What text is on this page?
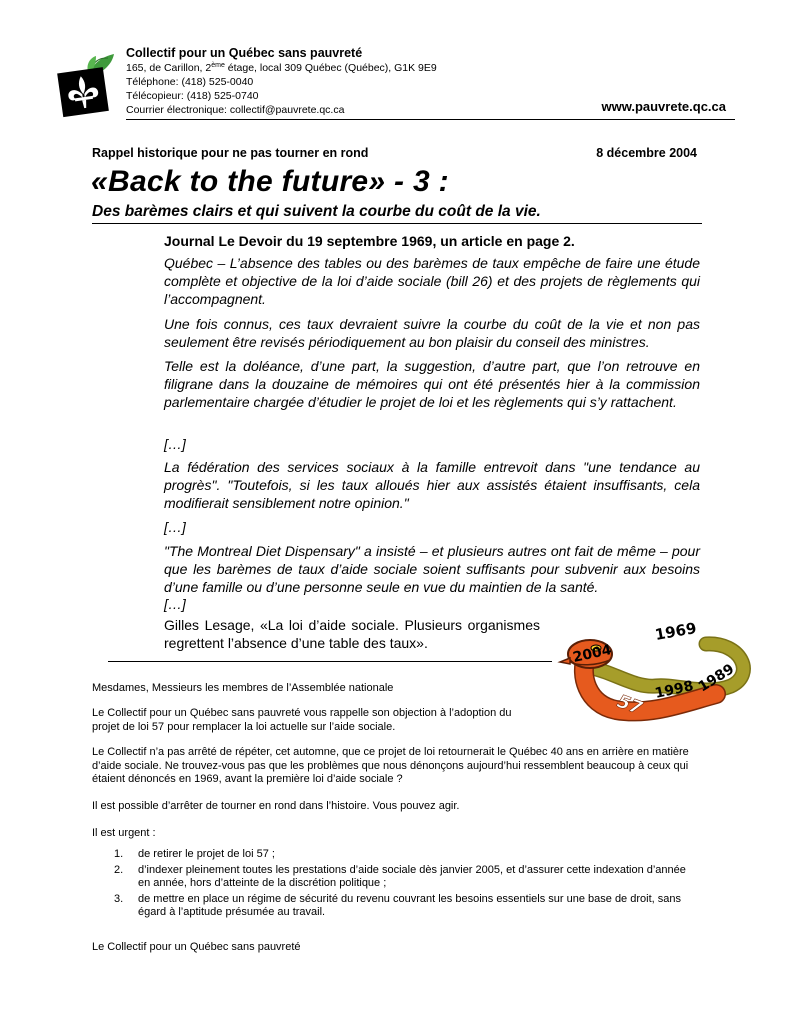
Collectif pour un Québec sans pauvreté
165, de Carillon, 2ème étage, local 309 Québec (Québec), G1K 9E9
Téléphone: (418) 525-0040
Télécopieur: (418) 525-0740
Courrier électronique: collectif@pauvrete.qc.ca	www.pauvrete.qc.ca
Rappel historique pour ne pas tourner en rond	8 décembre 2004
«Back to the future» - 3 :
Des barèmes clairs et qui suivent la courbe du coût de la vie.
Journal Le Devoir du 19 septembre 1969, un article en page 2.

Québec – L’absence des tables ou des barèmes de taux empêche de faire une étude complète et objective de la loi d’aide sociale (bill 26) et des projets de règlements qui l’accompagnent.

Une fois connus, ces taux devraient suivre la courbe du coût de la vie et non pas seulement être revisés périodiquement au bon plaisir du conseil des ministres.

Telle est la doléance, d’une part, la suggestion, d’autre part, que l’on retrouve en filigrane dans la douzaine de mémoires qui ont été présentés hier à la commission parlementaire chargée d’étudier le projet de loi et les règlements qui s’y rattachent.

[…]

La fédération des services sociaux à la famille entrevoit dans "une tendance au progrès". "Toutefois, si les taux alloués hier aux assistés étaient insuffisants, cela modifierait sensiblement notre opinion."

[…]

"The Montreal Diet Dispensary" a insisté – et plusieurs autres ont fait de même – pour que les barèmes de taux d’aide sociale soient suffisants pour subvenir aux besoins d’une famille ou d’une personne seule en vue du maintien de la santé.

[…]

Gilles Lesage, «La loi d’aide sociale. Plusieurs organismes regrettent l’absence d’une table des taux».	1969
2004
1998 1989
57

Mesdames, Messieurs les membres de l’Assemblée nationale

Le Collectif pour un Québec sans pauvreté vous rappelle son objection à l’adoption du projet de loi 57 pour remplacer la loi actuelle sur l’aide sociale.

Le Collectif n’a pas arrêté de répéter, cet automne, que ce projet de loi retournerait le Québec 40 ans en arrière en matière d’aide sociale. Ne trouvez-vous pas que les problèmes que nous dénonçons aujourd’hui ressemblent beaucoup à ceux qui étaient dénoncés en 1969, avant la première loi d’aide sociale ?

Il est possible d’arrêter de tourner en rond dans l’histoire. Vous pouvez agir.

Il est urgent :

1. de retirer le projet de loi 57 ;
2. d’indexer pleinement toutes les prestations d’aide sociale dès janvier 2005, et d’assurer cette indexation d’année en année, hors d’atteinte de la discrétion politique ;
3. de mettre en place un régime de sécurité du revenu couvrant les besoins essentiels sur une base de droit, sans égard à l’aptitude présumée au travail.

Le Collectif pour un Québec sans pauvreté
